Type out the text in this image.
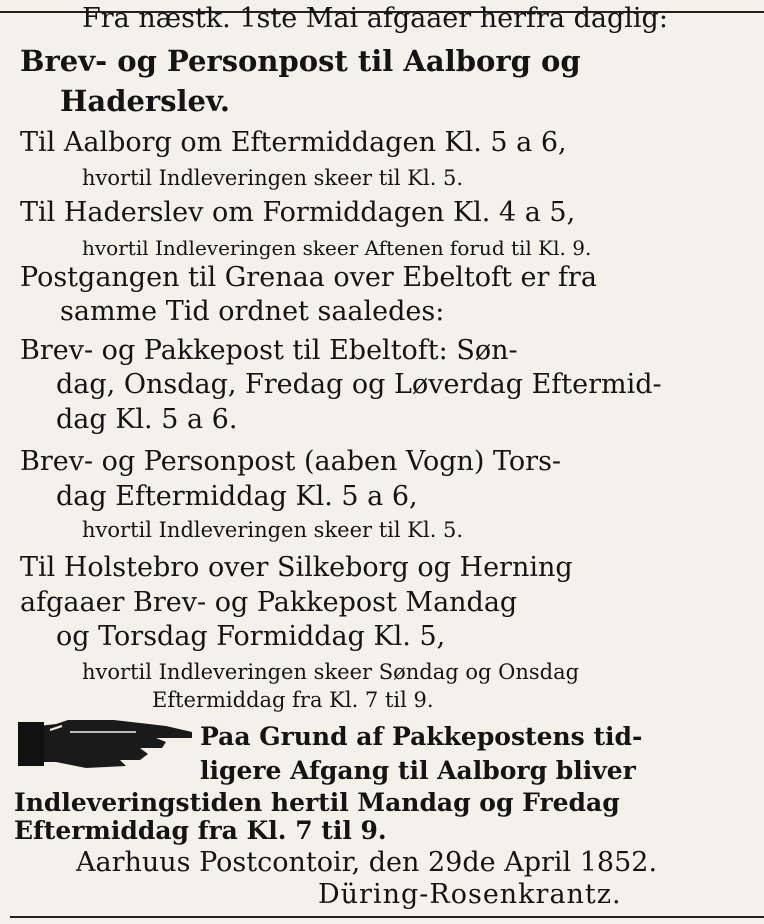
Fra næstk. 1ste Mai afgaaer herfra daglig:
Brev- og Personpost til Aalborg og
Haderslev.
Til Aalborg om Eftermiddagen Kl. 5 a 6,
hvortil Indleveringen skeer til Kl. 5.
Til Haderslev om Formiddagen Kl. 4 a 5,
hvortil Indleveringen skeer Aftenen forud til Kl. 9.
Postgangen til Grenaa over Ebeltoft er fra
samme Tid ordnet saaledes:
Brev- og Pakkepost til Ebeltoft: Søn-
dag, Onsdag, Fredag og Løverdag Eftermid-
dag Kl. 5 a 6.
Brev- og Personpost (aaben Vogn) Tors-
dag Eftermiddag Kl. 5 a 6,
hvortil Indleveringen skeer til Kl. 5.
Til Holstebro over Silkeborg og Herning
afgaaer Brev- og Pakkepost Mandag
og Torsdag Formiddag Kl. 5,
hvortil Indleveringen skeer Søndag og Onsdag
Eftermiddag fra Kl. 7 til 9.
Paa Grund af Pakkepostens tid-
ligere Afgang til Aalborg bliver
Indleveringstiden hertil Mandag og Fredag
Eftermiddag fra Kl. 7 til 9.
Aarhuus Postcontoir, den 29de April 1852.
Düring-Rosenkrantz.
